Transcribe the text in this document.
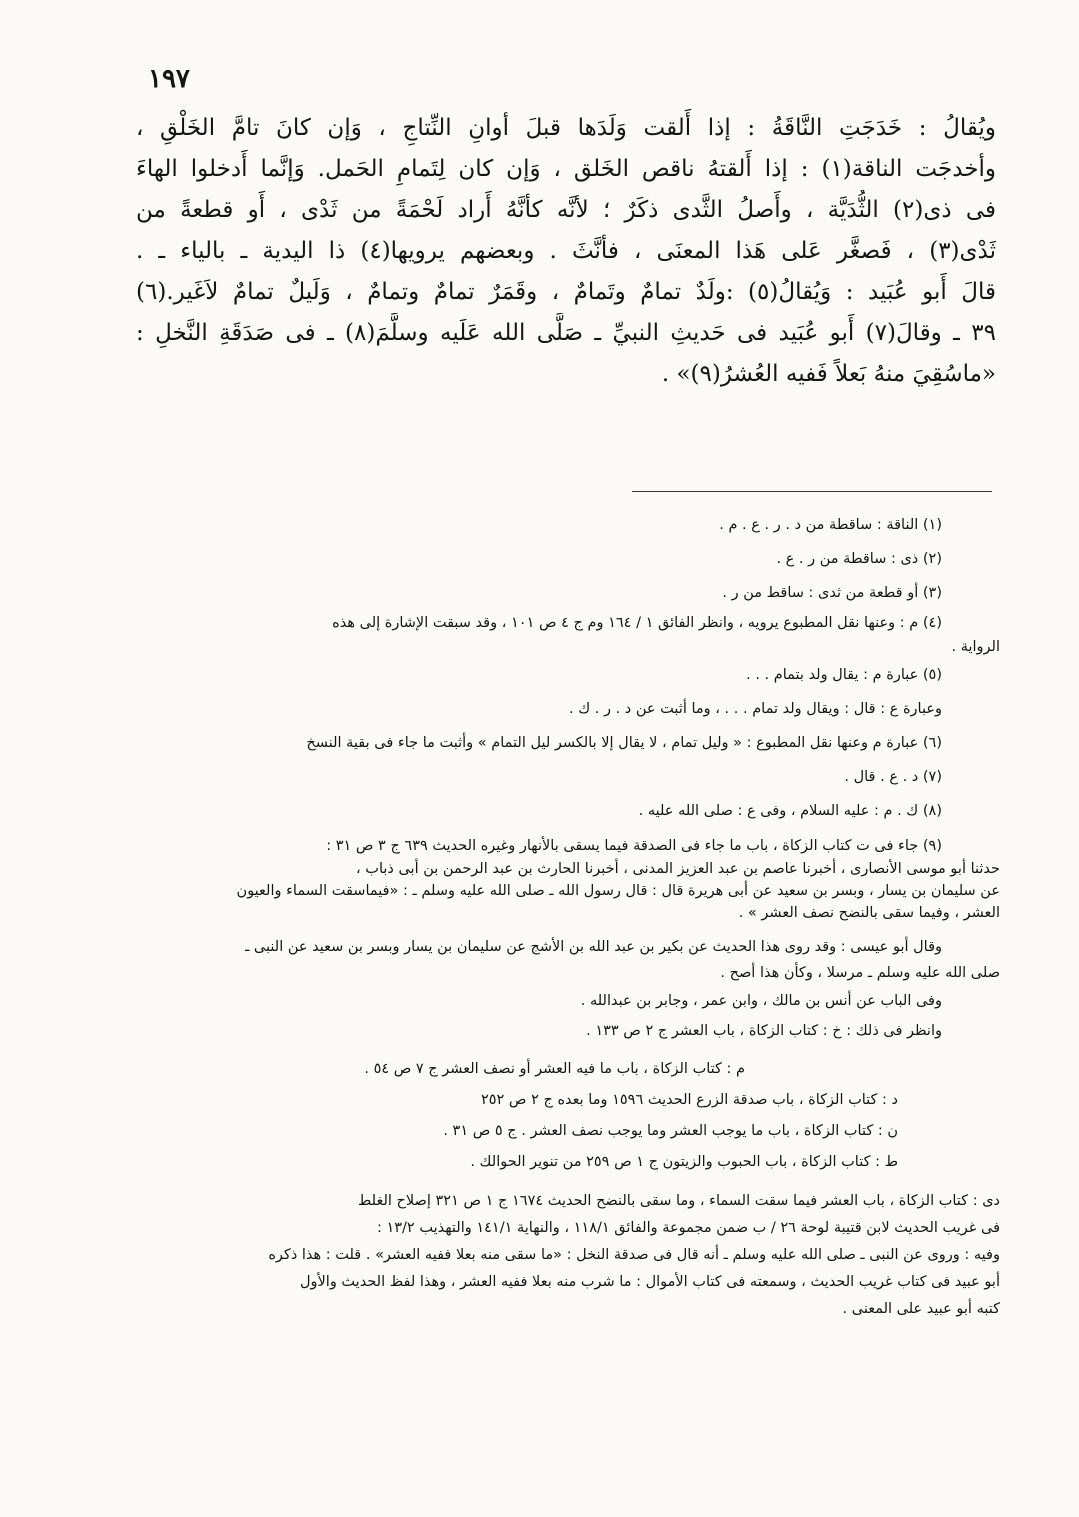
١٩٧

ويُقالُ : خَدَجَتِ النَّاقَةُ : إذا أَلقت وَلَدَها قبلَ أوانِ النِّتاجِ ، وَإن كانَ تامَّ الخَلْقِ ،

وأخدجَت الناقة(١) : إذا أَلقتهُ ناقص الخَلق ، وَإن كان لِتَمامِ الحَمل. وَإنَّما أَدخلوا الهاءَ

فى ذى(٢) الثُّدَيَّة ، وأَصلُ الثَّدى ذكَرٌ ؛ لأنَّه كأنَّهُ أَراد لَحْمَةً من ثَدْى ، أَو قطعةً من

ثَدْى(٣) ، فَصغَّر عَلى هَذا المعنَى ، فأنَّثَ . وبعضهم يرويها(٤) ذا اليدية ـ بالياء ـ .

قالَ أَبو عُبَيد : وَيُقالُ(٥) :ولَدٌ تمامٌ وتَمامٌ ، وقَمَرٌ تمامٌ وتمامٌ ، وَلَيلٌ تمامٌ لاَغَير.(٦)

٣٩ ـ وقالَ(٧) أَبو عُبَيد فى حَديثِ النبيِّ ـ صَلَّى الله عَلَيه وسلَّمَ(٨) ـ فى صَدَقَةِ النَّخلِ :

«ماسُقِيَ منهُ بَعلاً فَفيه العُشرُ(٩)» .

(١) الناقة : ساقطة من د . ر . ع . م .

(٢) ذى : ساقطة من ر . ع .

(٣) أو قطعة من ثدى : ساقط من ر .

(٤) م : وعنها نقل المطبوع يرويه ، وانظر الفائق ١ / ١٦٤ وم ج ٤ ص ١٠١ ، وقد سبقت الإشارة إلى هذه

الرواية .

(٥) عبارة م : يقال ولد بتمام . . .

وعبارة ع : قال : ويقال ولد تمام . . . ، وما أثبت عن د . ر . ك .

(٦) عبارة م وعنها نقل المطبوع : « وليل تمام ، لا يقال إلا بالكسر ليل التمام » وأثبت ما جاء فى بقية النسخ

(٧) د . ع . قال .

(٨) ك . م : عليه السلام ، وفى ع : صلى الله عليه .

(٩) جاء فى ت كتاب الزكاة ، باب ما جاء فى الصدقة فيما يسقى بالأنهار وغيره الحديث ٦٣٩ ج ٣ ص ٣١ :

حدثنا أبو موسى الأنصارى ، أخبرنا عاصم بن عبد العزيز المدنى ، أخبرنا الحارث بن عبد الرحمن بن أبى ذباب ،

عن سليمان بن يسار ، وبسر بن سعيد عن أبى هريرة قال : قال رسول الله ـ صلى الله عليه وسلم ـ : «فيماسقت السماء والعيون

العشر ، وفيما سقى بالنضح نصف العشر » .

وقال أبو عيسى : وقد روى هذا الحديث عن بكير بن عبد الله بن الأشج عن سليمان بن يسار وبسر بن سعيد عن النبى ـ

صلى الله عليه وسلم ـ مرسلا ، وكأن هذا أصح .

وفى الباب عن أنس بن مالك ، وابن عمر ، وجابر بن عبدالله .

وانظر فى ذلك : خ : كتاب الزكاة ، باب العشر ج ٢ ص ١٣٣ .

م : كتاب الزكاة ، باب ما فيه العشر أو نصف العشر ج ٧ ص ٥٤ .

د : كتاب الزكاة ، باب صدقة الزرع الحديث ١٥٩٦ وما بعده ج ٢ ص ٢٥٢

ن : كتاب الزكاة ، باب ما يوجب العشر وما يوجب نصف العشر . ج ٥ ص ٣١ .

ط : كتاب الزكاة ، باب الحبوب والزيتون ج ١ ص ٢٥٩ من تنوير الحوالك .

دى : كتاب الزكاة ، باب العشر فيما سقت السماء ، وما سقى بالنضح الحديث ١٦٧٤ ج ١ ص ٣٢١ إصلاح الغلط

فى غريب الحديث لابن قتيبة لوحة ٢٦ / ب ضمن مجموعة والفائق ١١٨/١ ، والنهاية ١٤١/١ والتهذيب ١٣/٢ :

وفيه : وروى عن النبى ـ صلى الله عليه وسلم ـ أنه قال فى صدقة النخل : «ما سقى منه بعلا ففيه العشر» . قلت : هذا ذكره

أبو عبيد فى كتاب غريب الحديث ، وسمعته فى كتاب الأموال : ما شرب منه بعلا ففيه العشر ، وهذا لفظ الحديث والأول

كتبه أبو عبيد على المعنى .
